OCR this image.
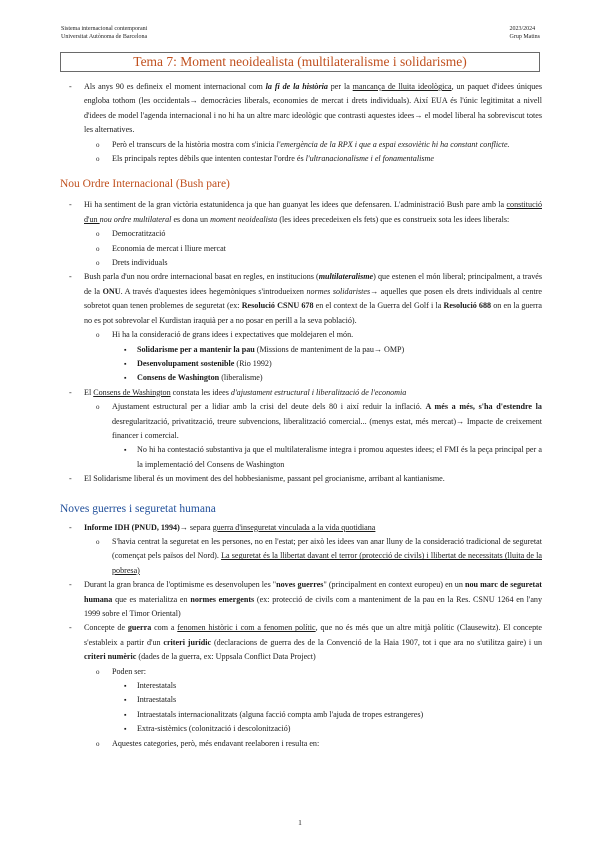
Sistema internacional contemporani
Universitat Autònoma de Barcelona
2023/2024
Grup Matins
Tema 7: Moment neoidealista (multilateralisme i solidarisme)
- Als anys 90 es defineix el moment internacional com la fi de la història per la mancança de lluita ideològica, un paquet d'idees úniques engloba tothom (les occidentals→ democràcies liberals, economies de mercat i drets individuals). Així EUA és l'únic legitimitat a nivell d'idees de model l'agenda internacional i no hi ha un altre marc ideològic que contrasti aquestes idees→ el model liberal ha sobreviscut totes les alternatives.
o Però el transcurs de la història mostra com s'inicia l'emergència de la RPX i que a espai exsoviètic hi ha constant conflicte.
o Els principals reptes dèbils que intenten contestar l'ordre és l'ultranacionalisme i el fonamentalisme
Nou Ordre Internacional (Bush pare)
- Hi ha sentiment de la gran victòria estatunidenca ja que han guanyat les idees que defensaren. L'administració Bush pare amb la constitució d'un nou ordre multilateral es dona un moment neoidealista (les idees precedeixen els fets) que es construeix sota les idees liberals:
o Democratització
o Economia de mercat i lliure mercat
o Drets individuals
- Bush parla d'un nou ordre internacional basat en regles, en institucions (multilateralisme) que estenen el món liberal; principalment, a través de la ONU. A través d'aquestes idees hegemòniques s'introdueixen normes solidaristes→ aquelles que posen els drets individuals al centre sobretot quan tenen problemes de seguretat (ex: Resolució CSNU 678 en el context de la Guerra del Golf i la Resolució 688 on en la guerra no es pot sobrevolar el Kurdistan iraquià per a no posar en perill a la seva població).
o Hi ha la consideració de grans idees i expectatives que moldejaren el món.
▪ Solidarisme per a mantenir la pau (Missions de manteniment de la pau→ OMP)
▪ Desenvolupament sostenible (Rio 1992)
▪ Consens de Washington (liberalisme)
- El Consens de Washington constata les idees d'ajustament estructural i liberalització de l'economia
o Ajustament estructural per a lidiar amb la crisi del deute dels 80 i així reduir la inflació. A més a més, s'ha d'estendre la desregularització, privatització, treure subvencions, liberalització comercial... (menys estat, més mercat)→ Impacte de creixement financer i comercial.
▪ No hi ha contestació substantiva ja que el multilateralisme integra i promou aquestes idees; el FMI és la peça principal per a la implementació del Consens de Washington
- El Solidarisme liberal és un moviment des del hobbesianisme, passant pel grocianisme, arribant al kantianisme.
Noves guerres i seguretat humana
- Informe IDH (PNUD, 1994)→ separa guerra d'inseguretat vinculada a la vida quotidiana
o S'havia centrat la seguretat en les persones, no en l'estat; per això les idees van anar lluny de la consideració tradicional de seguretat (començat pels països del Nord). La seguretat és la llibertat davant el terror (protecció de civils) i llibertat de necessitats (lluita de la pobresa)
- Durant la gran branca de l'optimisme es desenvolupen les "noves guerres" (principalment en context europeu) en un nou marc de seguretat humana que es materialitza en normes emergents (ex: protecció de civils com a manteniment de la pau en la Res. CSNU 1264 en l'any 1999 sobre el Timor Oriental)
- Concepte de guerra com a fenomen històric i com a fenomen polític, que no és més que un altre mitjà polític (Clausewitz). El concepte s'estableix a partir d'un criteri jurídic (declaracions de guerra des de la Convenció de la Haia 1907, tot i que ara no s'utilitza gaire) i un criteri numèric (dades de la guerra, ex: Uppsala Conflict Data Project)
o Poden ser:
▪ Interestatals
▪ Intraestatals
▪ Intraestatals internacionalitzats (alguna facció compta amb l'ajuda de tropes estrangeres)
▪ Extra-sistèmics (colonització i descolonització)
o Aquestes categories, però, més endavant reelaboren i resulta en:
1
